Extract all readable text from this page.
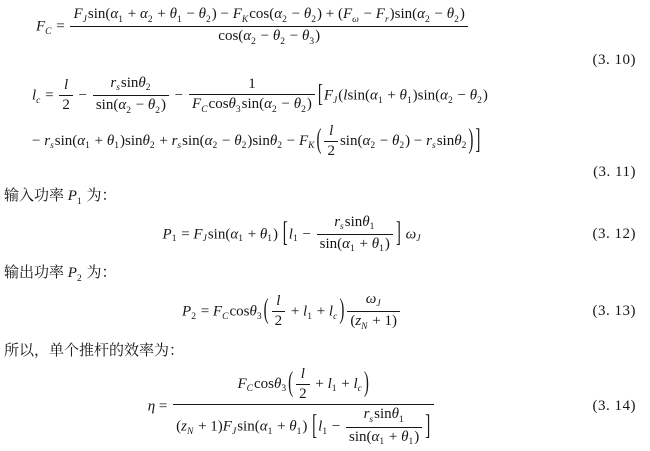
$F_C$ =
$F_J\sin(\alpha_1 + \alpha_2 + \theta_1 - \theta_2) - F_K\cos(\alpha_2 - \theta_2) + (F_\omega - F_r)\sin(\alpha_2 - \theta_2)$
$\cos(\alpha_2 - \theta_2 - \theta_3)$
(3. 10)
$l_c = \frac{l}{2} - \frac{r_s\sin\theta_2}{\sin(\alpha_2 - \theta_2)} - \frac{1}{F_C\cos\theta_3\sin(\alpha_2 - \theta_2)} [F_J(lsin(\alpha_1 + \theta_1)\sin(\alpha_2 - \theta_2)$
− $r_s\sin(\alpha_1 + \theta_1)\sin\theta_2 + r_s\sin(\alpha_2 - \theta_2)\sin\theta_2 - F_K$ ( $\frac{l}{2} \sin(\alpha_2 - \theta_2) - r_s\sin\theta_2$ ) ]
(3. 11)

输入功率 $P_1$ 为：

$P_1 = F_J\sin(\alpha_1 + \theta_1) [l_1 - \frac{r_s\sin\theta_1}{\sin(\alpha_1 + \theta_1)}$ ] $\omega_J$	(3. 12)

输出功率 $P_2$ 为：

$P_2 = F_C\cos\theta_3$ ( $\frac{l}{2} + l_1 + l_c$ ) $\frac{\omega_J}{(z_N + 1)}$	(3. 13)

所以，单个推杆的效率为：

$\eta = \frac{F_C\cos\theta_3 ( \frac{l}{2} + l_1 + l_c )}{(z_N + 1)F_J\sin(\alpha_1 + \theta_1) [l_1 - \frac{r_s\sin\theta_1}{\sin(\alpha_1 + \theta_1)} ]}$	(3. 14)
